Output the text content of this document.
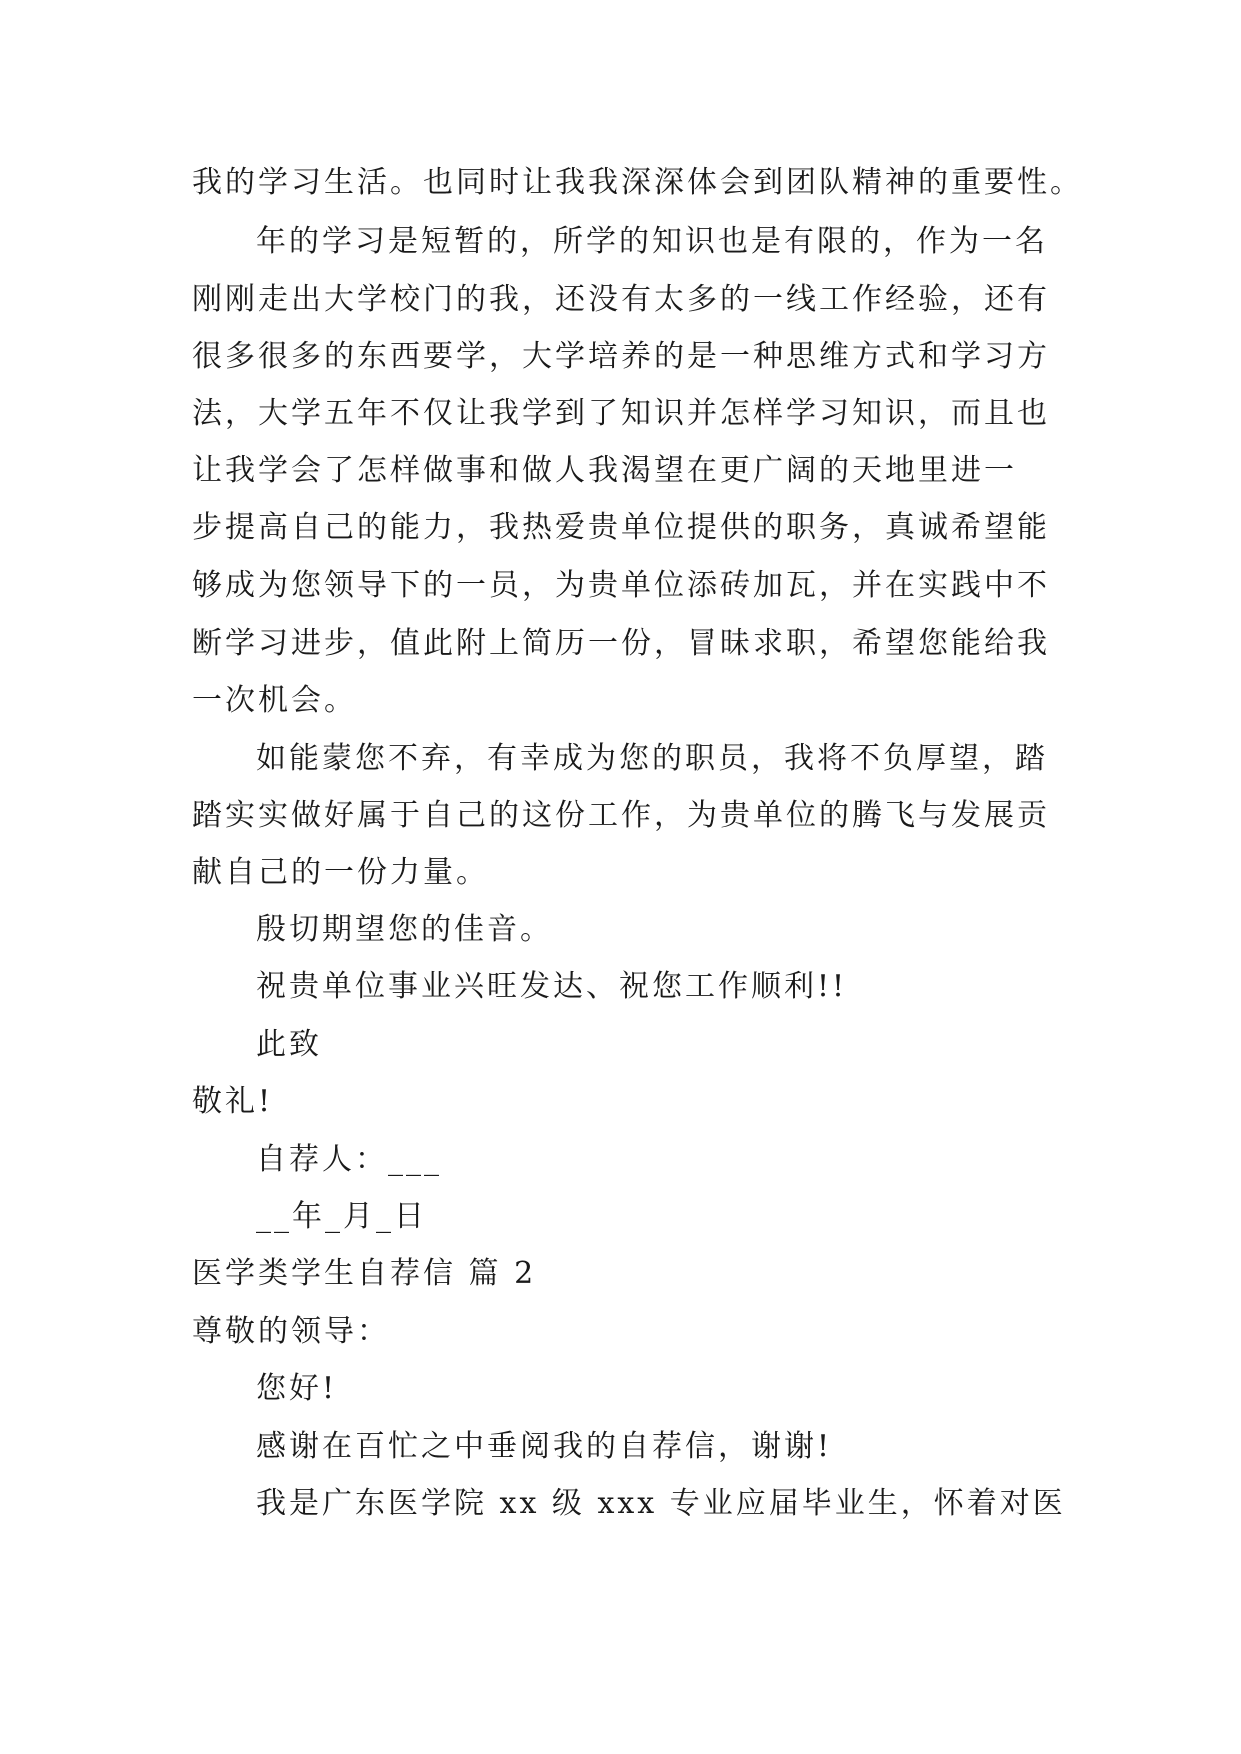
我的学习生活。也同时让我我深深体会到团队精神的重要性。
年的学习是短暂的，所学的知识也是有限的，作为一名
刚刚走出大学校门的我，还没有太多的一线工作经验，还有
很多很多的东西要学，大学培养的是一种思维方式和学习方
法，大学五年不仅让我学到了知识并怎样学习知识，而且也
让我学会了怎样做事和做人我渴望在更广阔的天地里进一
步提高自己的能力，我热爱贵单位提供的职务，真诚希望能
够成为您领导下的一员，为贵单位添砖加瓦，并在实践中不
断学习进步，值此附上简历一份，冒昧求职，希望您能给我
一次机会。
如能蒙您不弃，有幸成为您的职员，我将不负厚望，踏
踏实实做好属于自己的这份工作，为贵单位的腾飞与发展贡
献自己的一份力量。
殷切期望您的佳音。
祝贵单位事业兴旺发达、祝您工作顺利!!
此致
敬礼!
自荐人：___
__年_月_日
医学类学生自荐信 篇 2
尊敬的领导：
您好!
感谢在百忙之中垂阅我的自荐信，谢谢!
我是广东医学院 xx 级 xxx 专业应届毕业生，怀着对医
